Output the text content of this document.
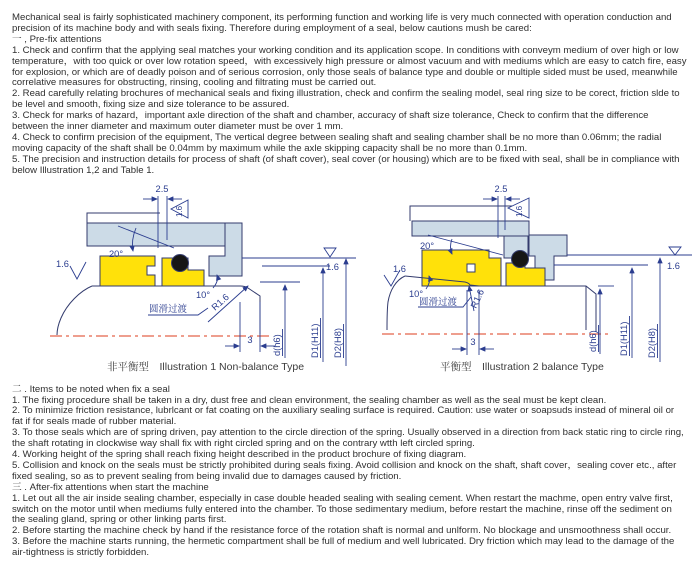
Mechanical seal is fairly sophisticated machinery component, its performing function and working life is very much connected with operation conduction and precision of its machine body and with seals fixing. Therefore during employment of a seal, below cautions mush be cared:

一 , Pre-fix attentions

1. Check and confirm that the applying seal matches your working condition and its application scope. In conditions with conveym medium of over high or low temperature，with too quick or over low rotation speed，with excessively high pressure or almost vacuum and with mediums whlch are easy to catch fire, easy for explosion, or which are of deadly poison and of serious corrosion, only those seals of balance type and double or multiple sided must be used, meanwhile correlative measures for obstructing, rinsing, cooling and filtrating must be carried out.

2. Read carefully relating brochures of mechanical seals and fixing illustration, check and confirm the sealing model, seal ring size to be corect, friction slde to be level and smooth, fixing size and size tolerance to be assured.

3. Check for marks of hazard，important axle direction of the shaft and chamber, accuracy of shaft size tolerance, Check to confirm that the difference between the inner diameter and maximum outer diameter must be over 1 mm.

4. Check to confirm precision of the equipment, The vertical degree between sealing shaft and sealing chamber shall be no more than 0.06mm; the radial moving capacity of the shaft shall be 0.04mm by maximum while the axle skipping capacity shall be no more than 0.1mm.

5. The precision and instruction details for process of shaft (of shaft cover), seal cover (or housing) which are to be fixed with seal, shall be in compliance with below Illustration 1,2 and Table 1.

2.5
1.6
20°
1.6
10°
圆滑过渡 R1.6
3
1.6
d(h6)	D1(H11) D2(H8)
非平衡型　Illustration 1 Non-balance Type
2.5
1.6
20°
1.6
10°
圆滑过渡 R1.6
3
1.6
d(h6) D1(H11) D2(H8)
平衡型　Illustration 2 balance Type

二 . Items to be noted when fix a seal

1. The fixing procedure shall be taken in a dry, dust free and clean environment, the sealing chamber as well as the seal must be kept clean.

2. To minimize friction resistance, lubrlcant or fat coating on the auxiliary sealing surface is required. Caution: use water or soapsuds instead of mineral oil or fat if for seals made of rubber material.

3. To those seals which are of spring driven, pay attention to the circle direction of the spring. Usually observed in a direction from back static ring to circle ring, the shaft rotating in clockwise way shall fix with right circled spring and on the contrary wtth left circled spring.

4. Working height of the spring shall reach fixing height described in the product brochure of fixing diagram.

5. Collision and knock on the seals must be strictly prohibited during seals fixing. Avoid collision and knock on the shaft, shaft cover，sealing cover etc., after fixed sealing, so as to prevent sealing from being invalid due to damages caused by friction.

三 . After-fix attentions when start the machine

1. Let out all the air inside sealing chamber, especially in case double headed sealing with sealing cement. When restart the machme, open entry valve first, switch on the motor until when mediums fully entered into the chamber. To those sedimentary medium, before restart the machine, rinse off the sediment on the sealing gland, spring or other linking parts first.

2. Before starting the machine check by hand if the resistance force of the rotation shaft is normal and unlform. No blockage and unsmoothness shall occur.

3. Before the machine starts running, the hermetic compartment shall be full of medium and well lubricated. Dry friction which may lead to the damage of the air-tightness is strictly forbidden.
